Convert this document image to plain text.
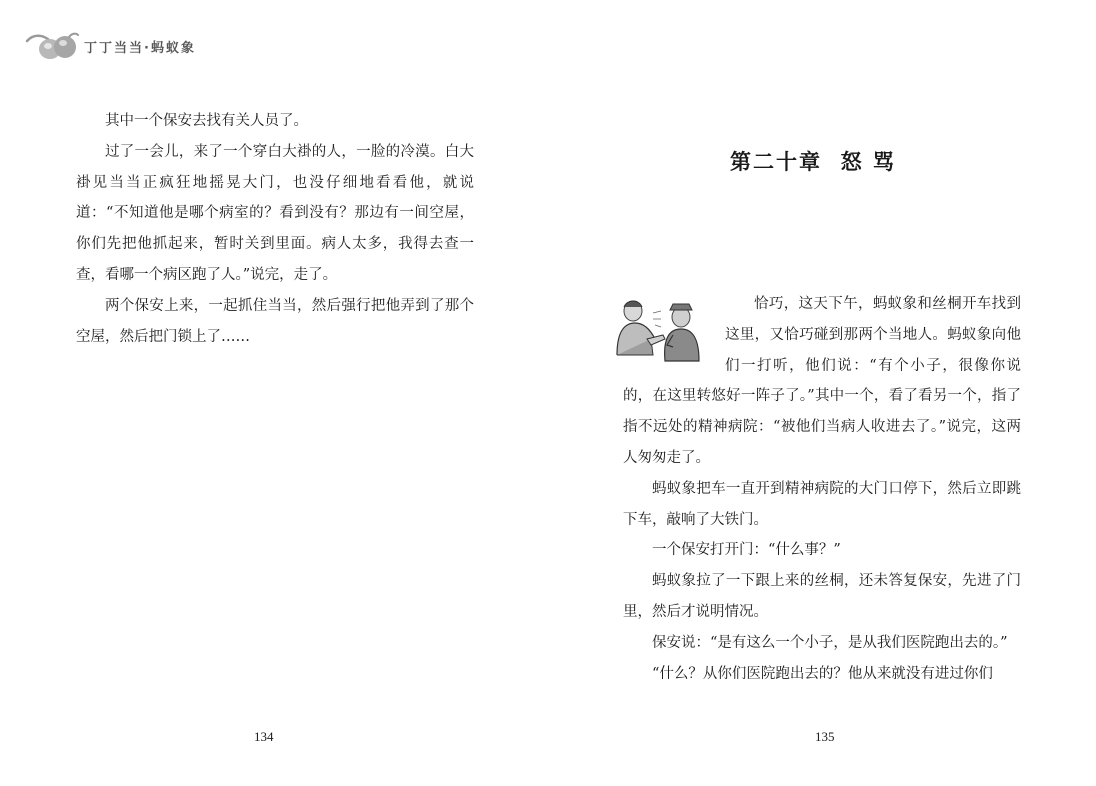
丁丁当当·蚂蚁象

其中一个保安去找有关人员了。

过了一会儿，来了一个穿白大褂的人，一脸的冷漠。白大褂见当当正疯狂地摇晃大门，也没仔细地看看他，就说道：“不知道他是哪个病室的？看到没有？那边有一间空屋，你们先把他抓起来，暂时关到里面。病人太多，我得去查一查，看哪一个病区跑了人。”说完，走了。

两个保安上来，一起抓住当当，然后强行把他弄到了那个空屋，然后把门锁上了……

134
第二十章  怒 骂

恰巧，这天下午，蚂蚁象和丝桐开车找到这里，又恰巧碰到那两个当地人。蚂蚁象向他们一打听，他们说：“有个小子，很像你说的，在这里转悠好一阵子了。”其中一个，看了看另一个，指了指不远处的精神病院：“被他们当病人收进去了。”说完，这两人匆匆走了。

蚂蚁象把车一直开到精神病院的大门口停下，然后立即跳下车，敲响了大铁门。

一个保安打开门：“什么事？”

蚂蚁象拉了一下跟上来的丝桐，还未答复保安，先进了门里，然后才说明情况。

保安说：“是有这么一个小子，是从我们医院跑出去的。”

“什么？从你们医院跑出去的？他从来就没有进过你们

135
